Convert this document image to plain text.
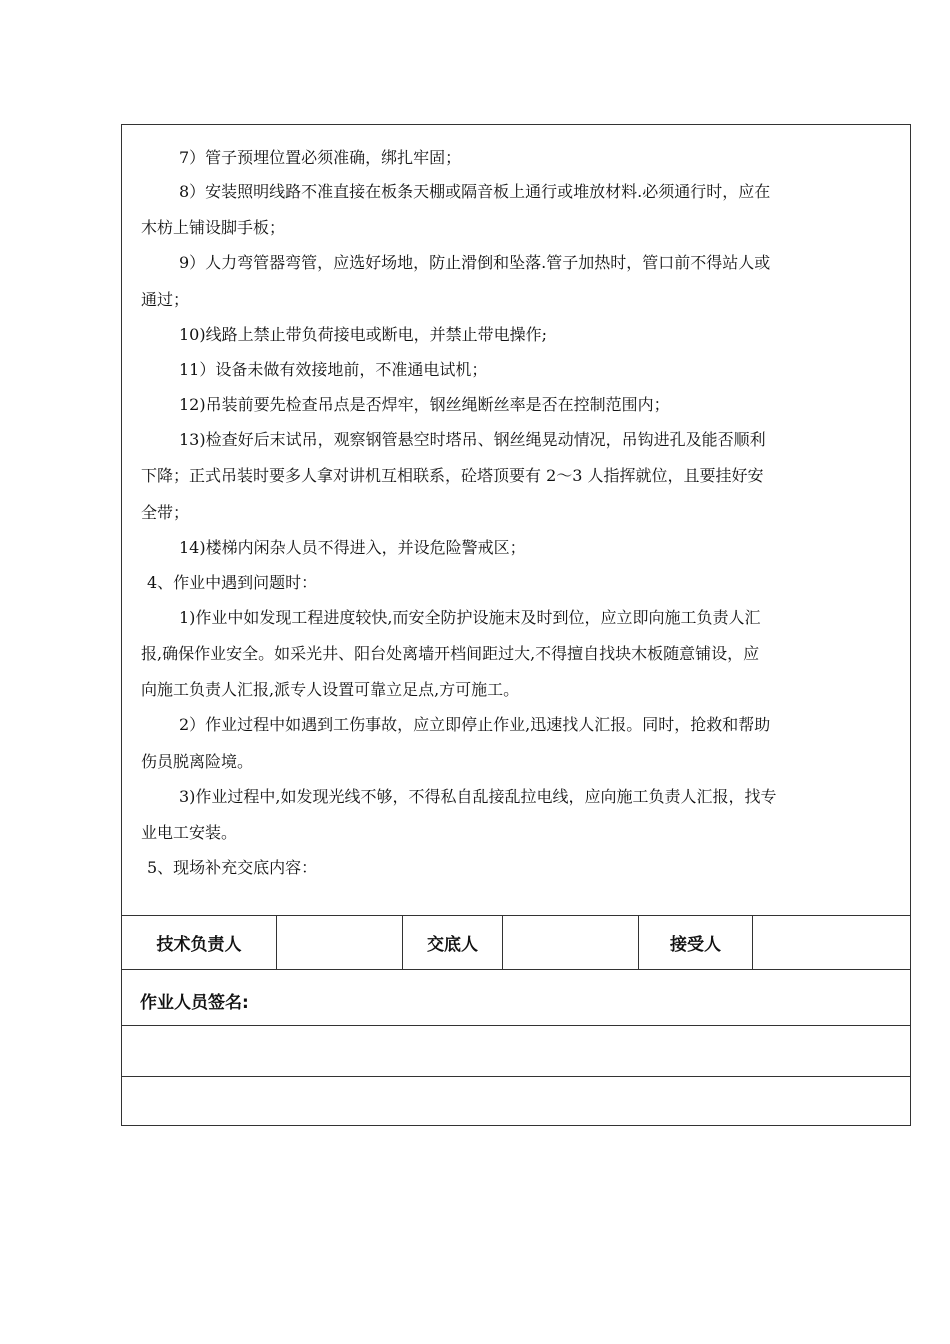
7）管子预埋位置必须准确，绑扎牢固；
8）安装照明线路不准直接在板条天棚或隔音板上通行或堆放材料.必须通行时，应在
木枋上铺设脚手板；
9）人力弯管器弯管，应选好场地，防止滑倒和坠落.管子加热时，管口前不得站人或
通过；
10)线路上禁止带负荷接电或断电，并禁止带电操作;
11）设备未做有效接地前，不准通电试机；
12)吊装前要先检查吊点是否焊牢，钢丝绳断丝率是否在控制范围内；
13)检查好后末试吊，观察钢管悬空时塔吊、钢丝绳晃动情况，吊钩进孔及能否顺利
下降；正式吊装时要多人拿对讲机互相联系，砼塔顶要有 2～3 人指挥就位，且要挂好安
全带；
14)楼梯内闲杂人员不得进入，并设危险警戒区；
4、作业中遇到问题时：
1)作业中如发现工程进度较快,而安全防护设施末及时到位，应立即向施工负责人汇
报,确保作业安全。如采光井、阳台处离墙开档间距过大,不得擅自找块木板随意铺设，应
向施工负责人汇报,派专人设置可靠立足点,方可施工。
2）作业过程中如遇到工伤事故，应立即停止作业,迅速找人汇报。同时，抢救和帮助
伤员脱离险境。
3)作业过程中,如发现光线不够，不得私自乱接乱拉电线，应向施工负责人汇报，找专
业电工安装。
5、现场补充交底内容：
技术负责人	交底人	接受人
作业人员签名:
